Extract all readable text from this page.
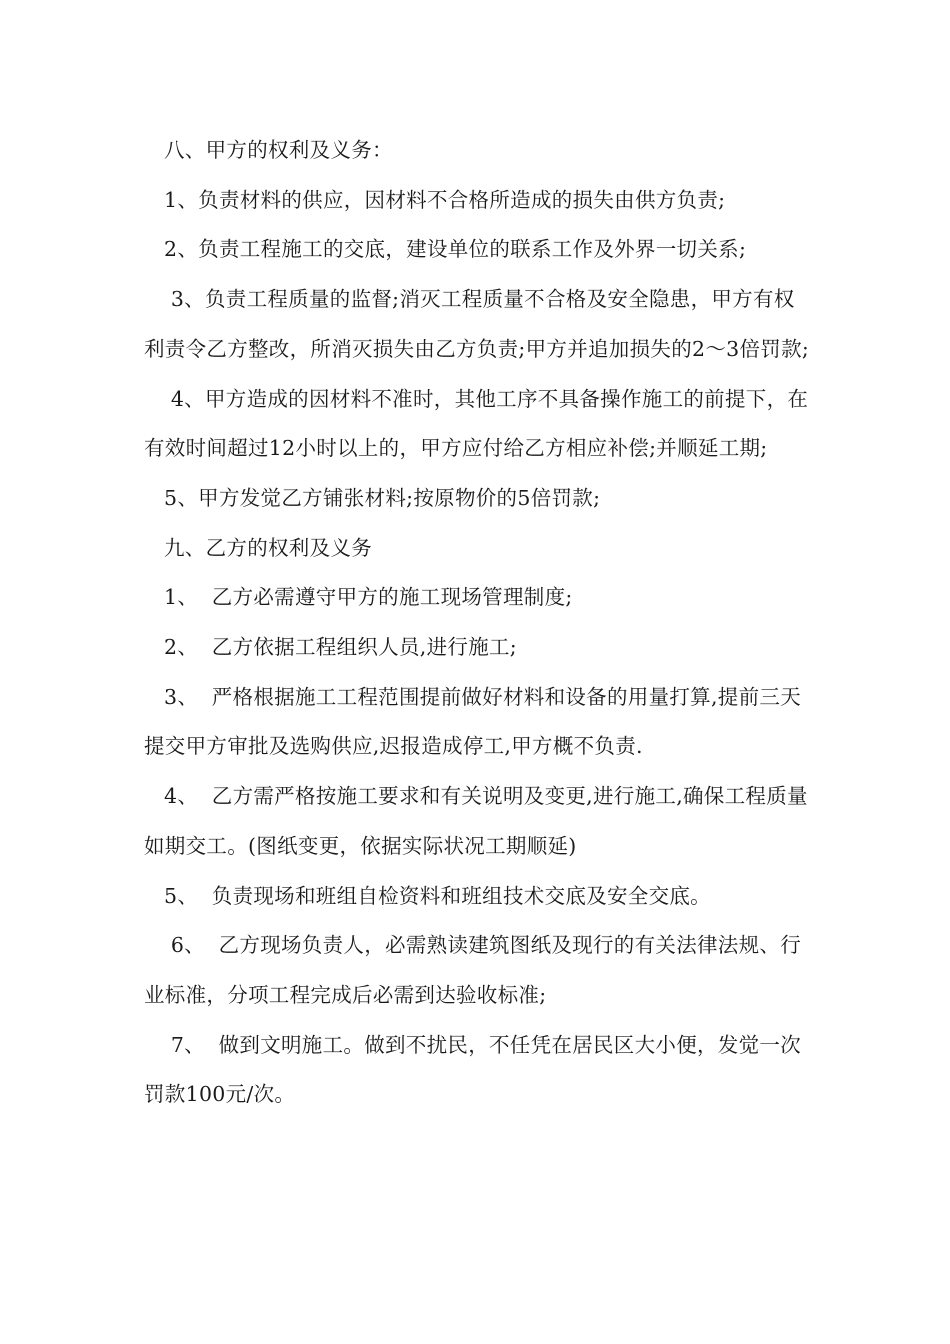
八、甲方的权利及义务：

1、负责材料的供应，因材料不合格所造成的损失由供方负责;

2、负责工程施工的交底，建设单位的联系工作及外界一切关系;

3、负责工程质量的监督;消灭工程质量不合格及安全隐患，甲方有权利责令乙方整改，所消灭损失由乙方负责;甲方并追加损失的2～3倍罚款;

4、甲方造成的因材料不准时，其他工序不具备操作施工的前提下，在有效时间超过12小时以上的，甲方应付给乙方相应补偿;并顺延工期;

5、甲方发觉乙方铺张材料;按原物价的5倍罚款;

九、乙方的权利及义务

1、  乙方必需遵守甲方的施工现场管理制度;

2、  乙方依据工程组织人员,进行施工;

3、  严格根据施工工程范围提前做好材料和设备的用量打算,提前三天提交甲方审批及选购供应,迟报造成停工,甲方概不负责.

4、  乙方需严格按施工要求和有关说明及变更,进行施工,确保工程质量如期交工。(图纸变更，依据实际状况工期顺延)

5、  负责现场和班组自检资料和班组技术交底及安全交底。

6、  乙方现场负责人，必需熟读建筑图纸及现行的有关法律法规、行业标准，分项工程完成后必需到达验收标准;

7、  做到文明施工。做到不扰民，不任凭在居民区大小便，发觉一次罚款100元/次。
